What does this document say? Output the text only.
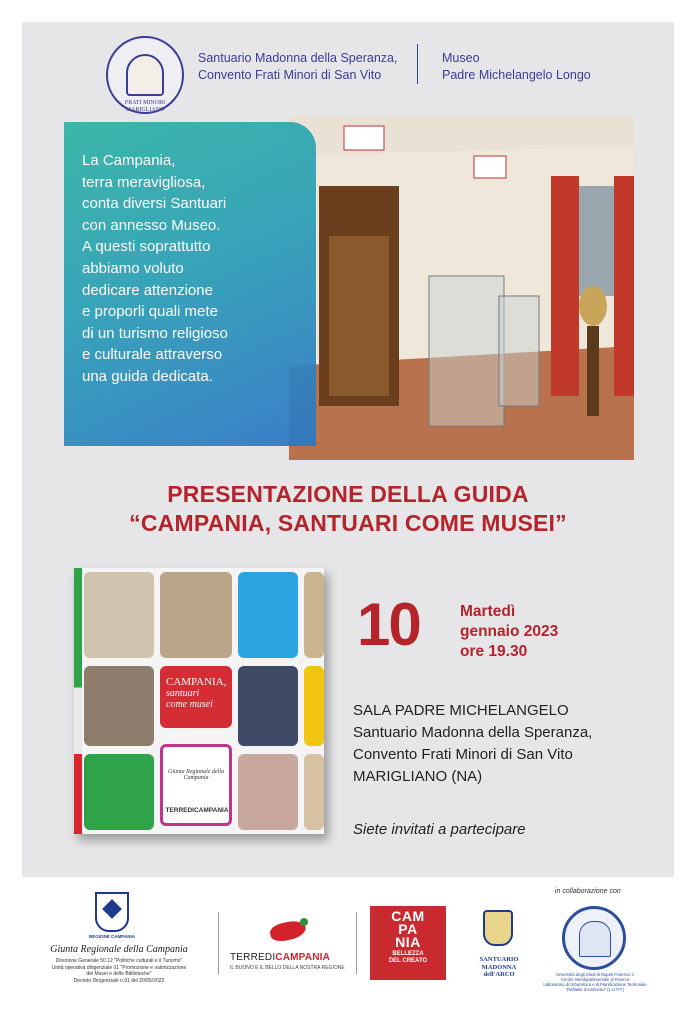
FRATI MINORI
MARIGLIANO
Santuario Madonna della Speranza,
Convento Frati Minori di San Vito
Museo
Padre Michelangelo Longo
La Campania,
terra meravigliosa,
conta diversi Santuari
con annesso Museo.
A questi soprattutto
abbiamo voluto
dedicare attenzione
e proporli quali mete
di un turismo religioso
e culturale attraverso
una guida dedicata.
PRESENTAZIONE DELLA GUIDA
“CAMPANIA, SANTUARI COME MUSEI”
CAMPANIA,
santuari
come musei
Giunta Regionale della Campania
TERREDICAMPANIA
10	Martedì
gennaio 2023
ore 19.30
SALA PADRE MICHELANGELO
Santuario Madonna della Speranza,
Convento Frati Minori di San Vito
MARIGLIANO (NA)
Siete invitati a partecipare
REGIONE CAMPANIA
Giunta Regionale della Campania
Direzione Generale 50.12 "Politiche culturali e il Turismo"
Unità operativa dirigenziale 01 "Promozione e valorizzazione
dei Musei e delle Biblioteche"
Decreto Dirigenziale n.91 del 20/05/2022
TERREDICAMPANIA
IL BUONO E IL BELLO DELLA NOSTRA REGIONE
CAM
PA
NIA
BELLEZZA
DEL CREATO	SANTUARIO
MADONNA
dell'ARCO
in collaborazione con
Università degli Studi di Napoli Federico II
Centro Interdipartimentale di Ricerca
Laboratorio di Urbanistica e di Pianificazione Territoriale
"Raffaele d'Ambrosio" (L.U.P.T.)
